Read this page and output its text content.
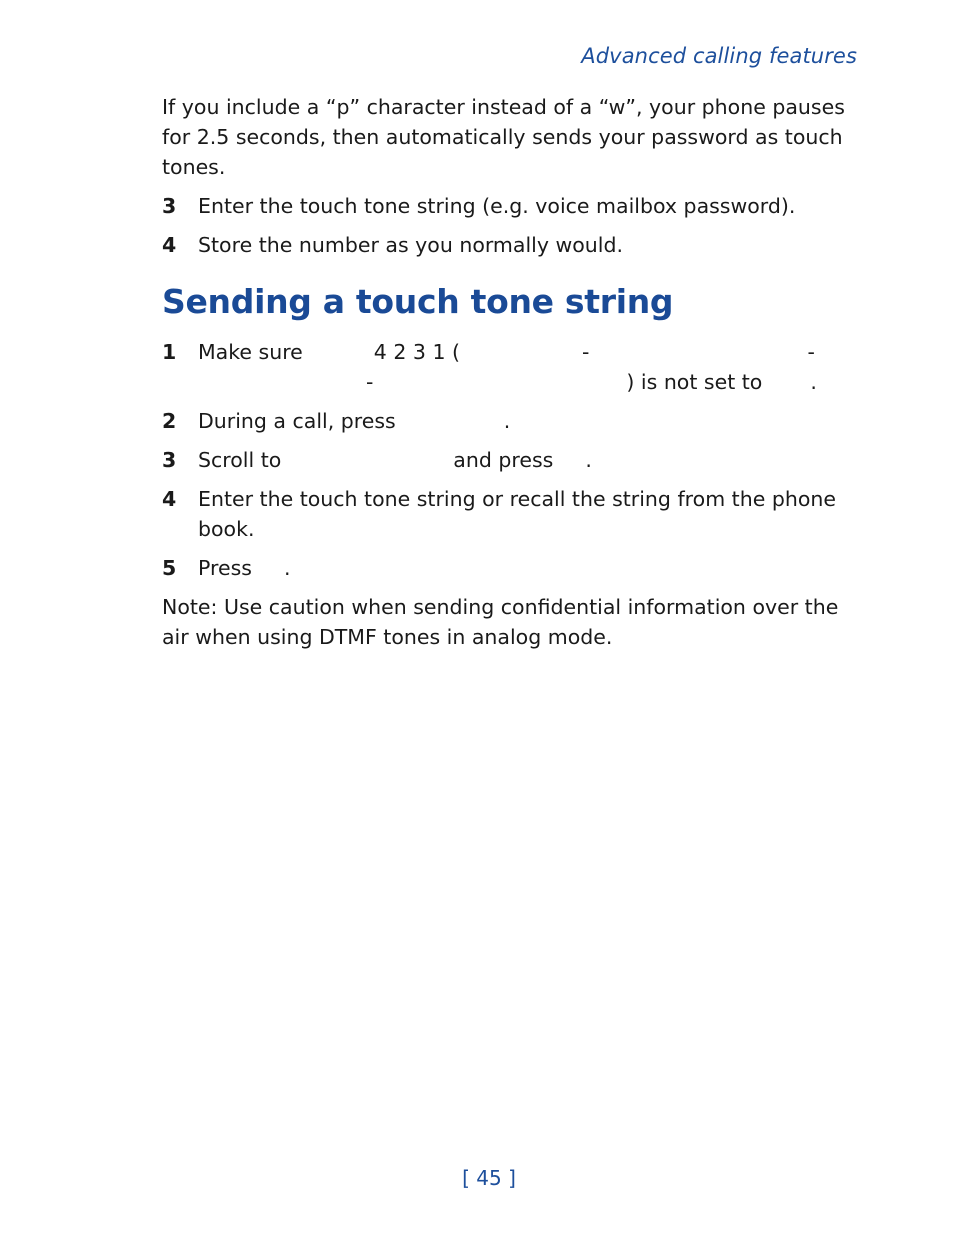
Advanced calling features

If you include a “p” character instead of a “w”, your phone pauses for 2.5 seconds, then automatically sends your password as touch tones.

3 Enter the touch tone string (e.g. voice mailbox password).
4 Store the number as you normally would.
Sending a touch tone string
1 Make sure	4 2 3 1 (	-	-
-	) is not set to .
2 During a call, press	.
3 Scroll to	and press .
4 Enter the touch tone string or recall the string from the phone book.
5 Press .

Note: Use caution when sending confidential information over the air when using DTMF tones in analog mode.

[ 45 ]
